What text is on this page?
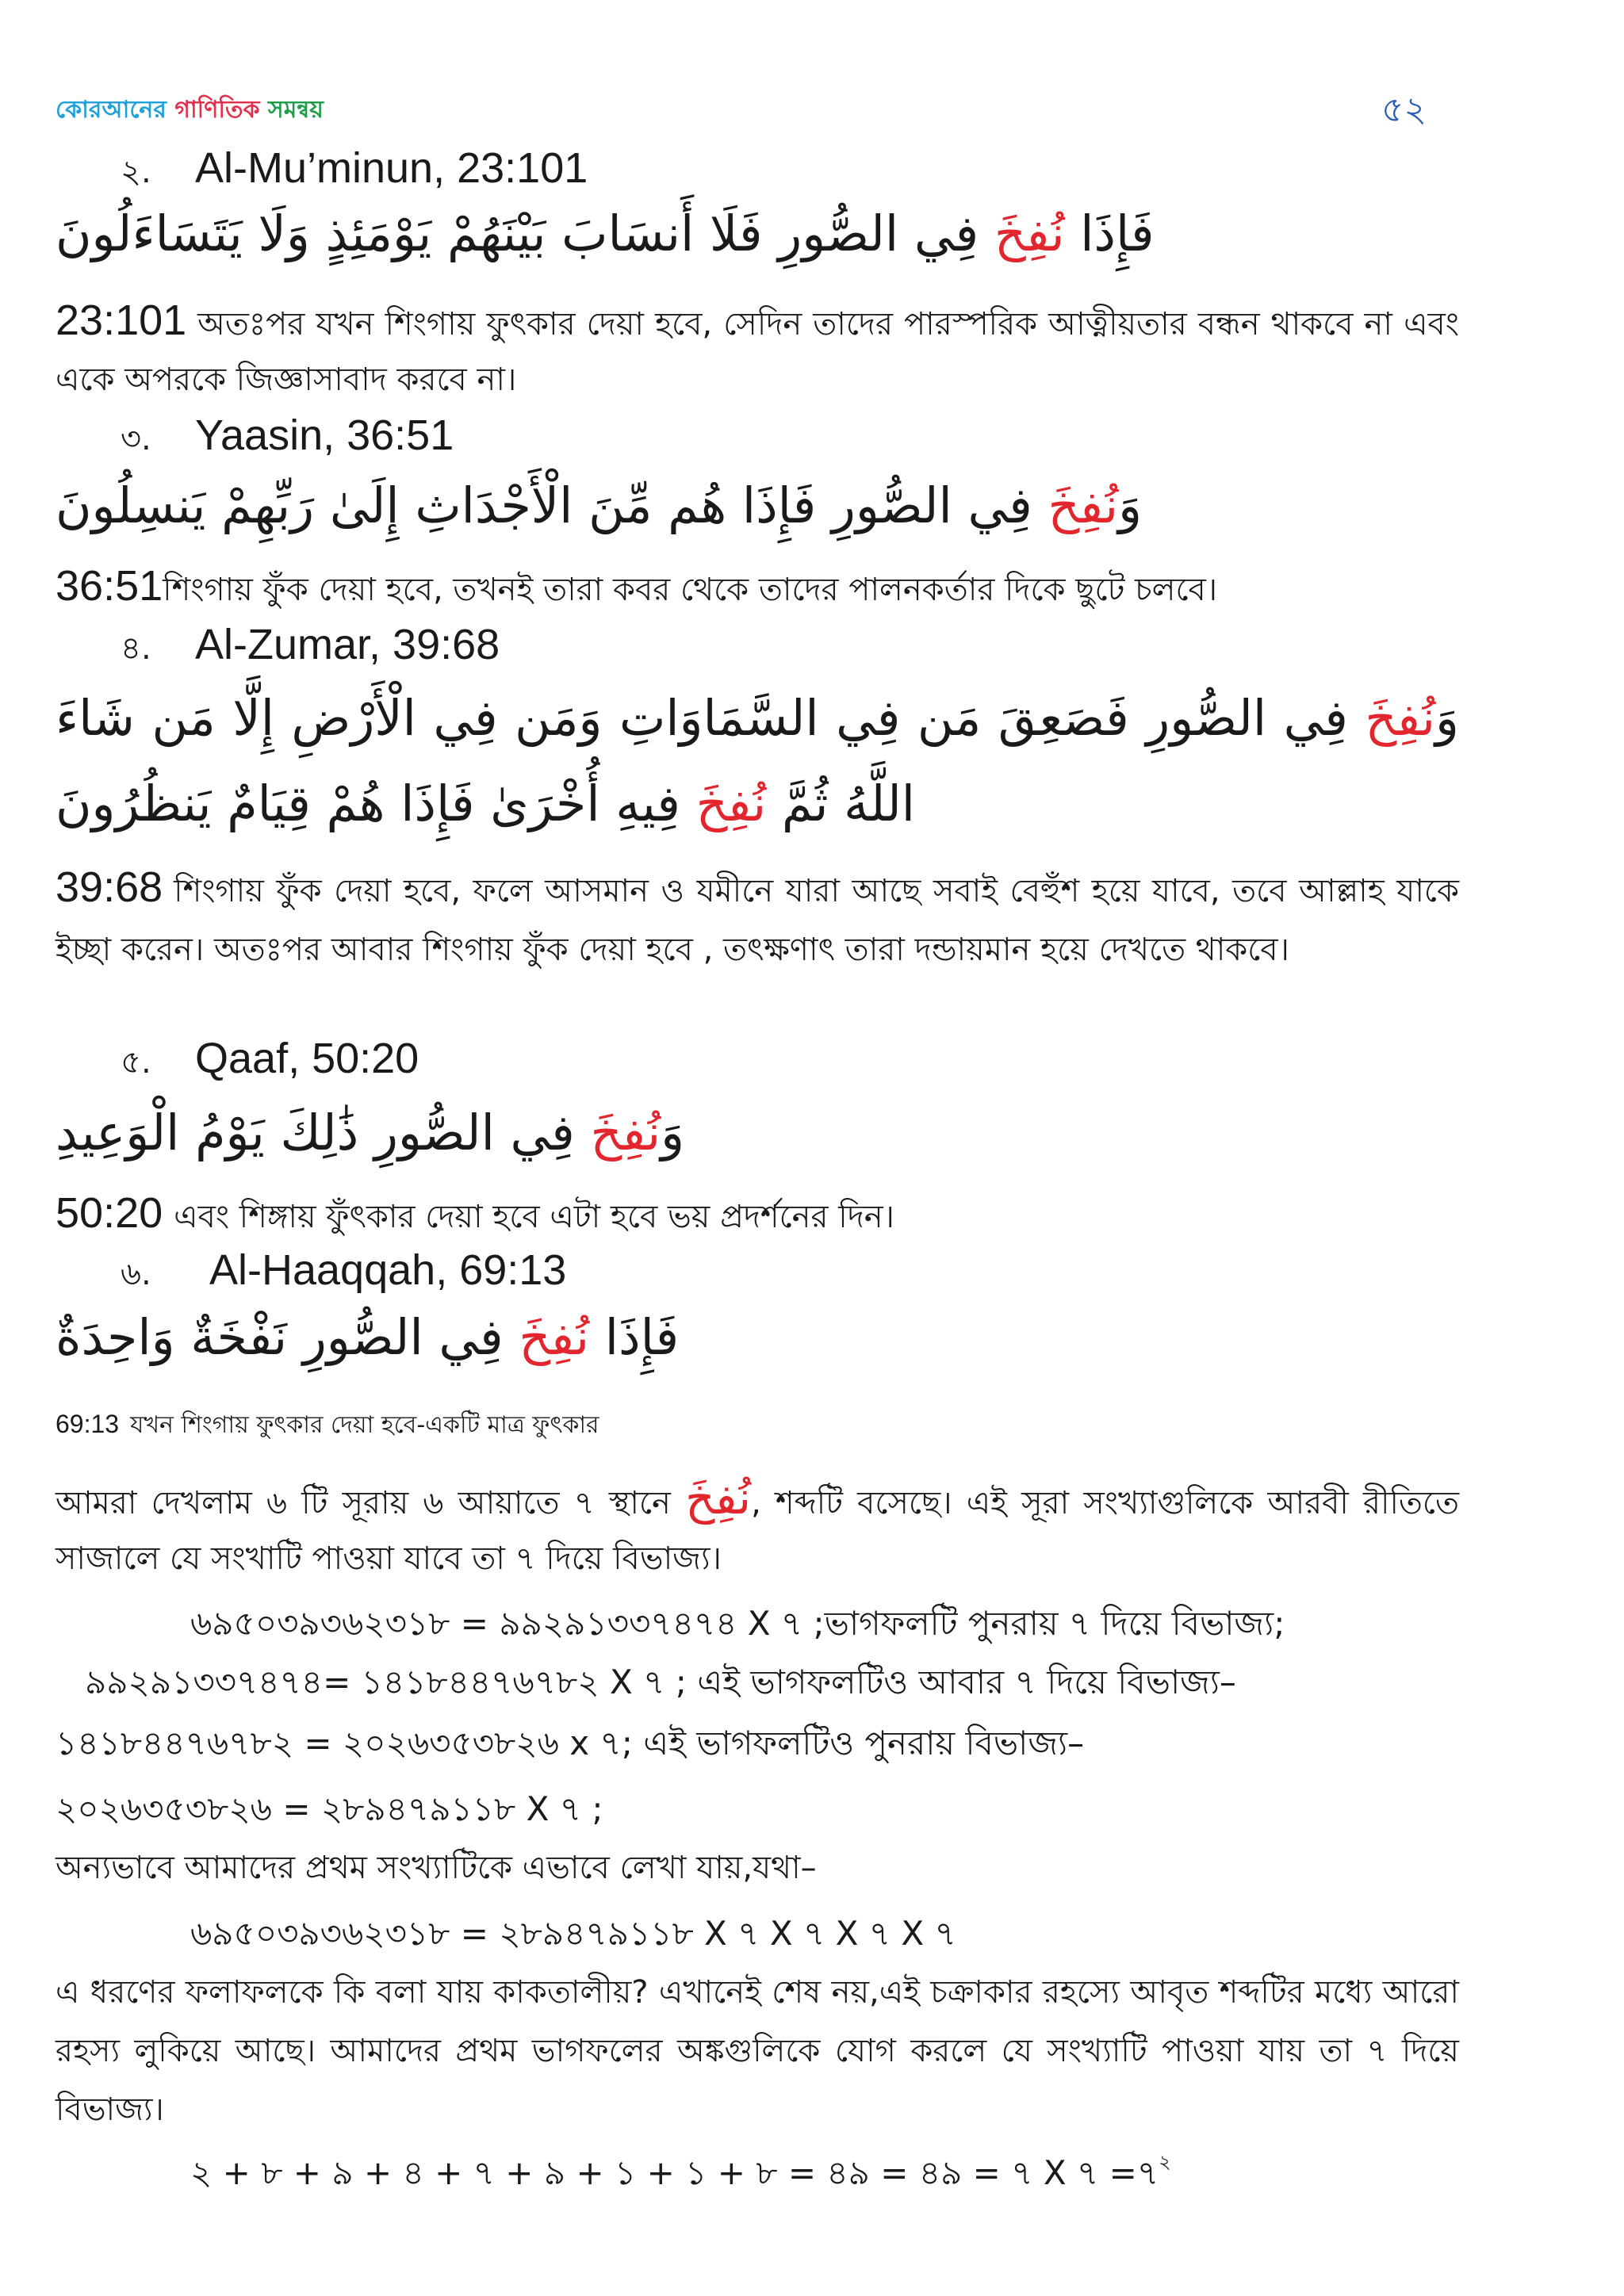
কোরআনের গাণিতিক সমন্বয়	৫২
২. Al-Mu’minun, 23:101

فَإِذَا نُفِخَ فِي الصُّورِ فَلَا أَنسَابَ بَيْنَهُمْ يَوْمَئِذٍ وَلَا يَتَسَاءَلُونَ

23:101 অতঃপর যখন শিংগায় ফুৎকার দেয়া হবে, সেদিন তাদের পারস্পরিক আত্নীয়তার বন্ধন থাকবে না এবং একে অপরকে জিজ্ঞাসাবাদ করবে না।

৩. Yaasin, 36:51

وَنُفِخَ فِي الصُّورِ فَإِذَا هُم مِّنَ الْأَجْدَاثِ إِلَىٰ رَبِّهِمْ يَنسِلُونَ

36:51শিংগায় ফুঁক দেয়া হবে, তখনই তারা কবর থেকে তাদের পালনকর্তার দিকে ছুটে চলবে।

৪. Al-Zumar, 39:68

وَنُفِخَ فِي الصُّورِ فَصَعِقَ مَن فِي السَّمَاوَاتِ وَمَن فِي الْأَرْضِ إِلَّا مَن شَاءَ اللَّهُ ثُمَّ نُفِخَ فِيهِ أُخْرَىٰ فَإِذَا هُمْ قِيَامٌ يَنظُرُونَ

39:68 শিংগায় ফুঁক দেয়া হবে, ফলে আসমান ও যমীনে যারা আছে সবাই বেহুঁশ হয়ে যাবে, তবে আল্লাহ যাকে ইচ্ছা করেন। অতঃপর আবার শিংগায় ফুঁক দেয়া হবে , তৎক্ষণাৎ তারা দন্ডায়মান হয়ে দেখতে থাকবে।

৫. Qaaf, 50:20

وَنُفِخَ فِي الصُّورِ ذَٰلِكَ يَوْمُ الْوَعِيدِ

50:20 এবং শিঙ্গায় ফুঁৎকার দেয়া হবে এটা হবে ভয় প্রদর্শনের দিন।

৬. Al-Haaqqah, 69:13

فَإِذَا نُفِخَ فِي الصُّورِ نَفْخَةٌ وَاحِدَةٌ

69:13 যখন শিংগায় ফুৎকার দেয়া হবে-একটি মাত্র ফুৎকার

আমরা দেখলাম ৬ টি সূরায় ৬ আয়াতে ৭ স্থানে نُفِخَ, শব্দটি বসেছে। এই সূরা সংখ্যাগুলিকে আরবী রীতিতে সাজালে যে সংখাটি পাওয়া যাবে তা ৭ দিয়ে বিভাজ্য।

৬৯৫০৩৯৩৬২৩১৮ = ৯৯২৯১৩৩৭৪৭৪ X ৭ ;ভাগফলটি পুনরায় ৭ দিয়ে বিভাজ্য;
৯৯২৯১৩৩৭৪৭৪= ১৪১৮৪৪৭৬৭৮২ X ৭ ; এই ভাগফলটিও আবার ৭ দিয়ে বিভাজ্য–
১৪১৮৪৪৭৬৭৮২ = ২০২৬৩৫৩৮২৬ x ৭; এই ভাগফলটিও পুনরায় বিভাজ্য–
২০২৬৩৫৩৮২৬ = ২৮৯৪৭৯১১৮ X ৭ ;

অন্যভাবে আমাদের প্রথম সংখ্যাটিকে এভাবে লেখা যায়,যথা–

৬৯৫০৩৯৩৬২৩১৮ = ২৮৯৪৭৯১১৮ X ৭ X ৭ X ৭ X ৭

এ ধরণের ফলাফলকে কি বলা যায় কাকতালীয়? এখানেই শেষ নয়,এই চক্রাকার রহস্যে আবৃত শব্দটির মধ্যে আরো রহস্য লুকিয়ে আছে। আমাদের প্রথম ভাগফলের অঙ্কগুলিকে যোগ করলে যে সংখ্যাটি পাওয়া যায় তা ৭ দিয়ে বিভাজ্য।

২ + ৮ + ৯ + ৪ + ৭ + ৯ + ১ + ১ + ৮ = ৪৯ = ৪৯ = ৭ X ৭ $=৭^২$
